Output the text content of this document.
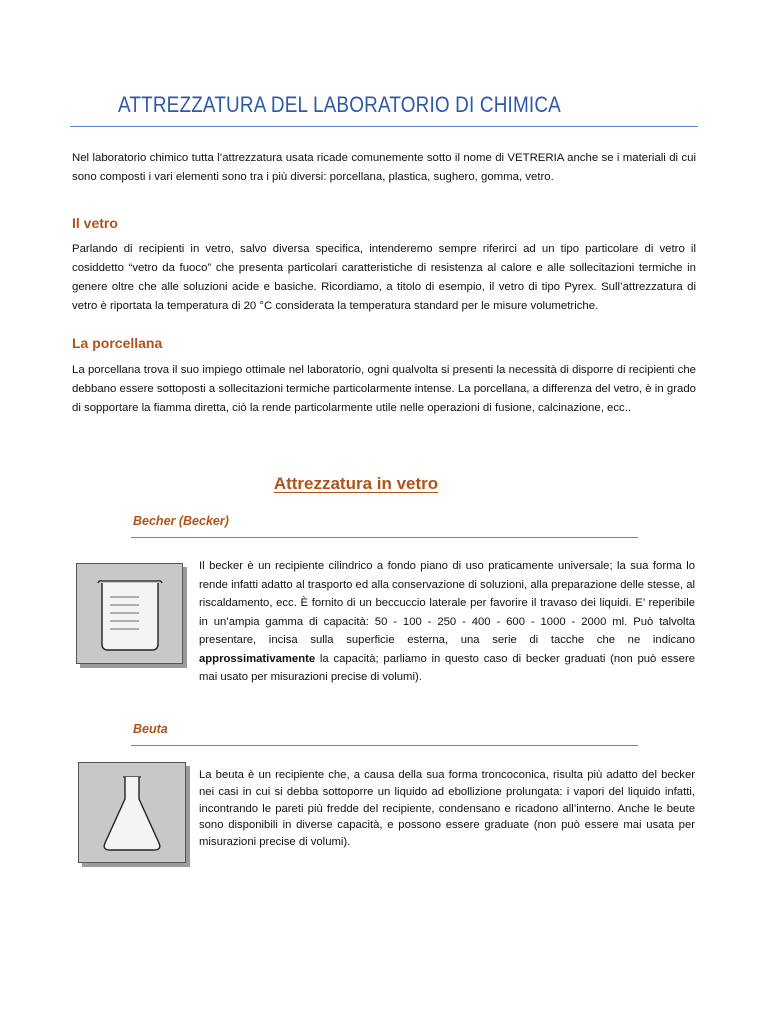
ATTREZZATURA DEL LABORATORIO DI CHIMICA

Nel laboratorio chimico tutta l’attrezzatura usata ricade comunemente sotto il nome di VETRERIA anche se i materiali di cui sono composti i vari elementi sono tra i più diversi: porcellana, plastica, sughero, gomma, vetro.

Il vetro

Parlando di recipienti in vetro, salvo diversa specifica, intenderemo sempre riferirci ad un tipo particolare di vetro il cosiddetto “vetro da fuoco” che presenta particolari caratteristiche di resistenza al calore e alle sollecitazioni termiche in genere oltre che alle soluzioni acide e basiche. Ricordiamo, a titolo di esempio, il vetro di tipo Pyrex. Sull’attrezzatura di vetro è riportata la temperatura di 20 °C considerata la temperatura standard per le misure volumetriche.

La porcellana

La porcellana trova il suo impiego ottimale nel laboratorio, ogni qualvolta si presenti la necessità di disporre di recipienti che debbano essere sottoposti a sollecitazioni termiche particolarmente intense. La porcellana, a differenza del vetro, è in grado di sopportare la fiamma diretta, ciò la rende particolarmente utile nelle operazioni di fusione, calcinazione, ecc..

Attrezzatura in vetro
Becher (Becker)

Il becker è un recipiente cilindrico a fondo piano di uso praticamente universale; la sua forma lo rende infatti adatto al trasporto ed alla conservazione di soluzioni, alla preparazione delle stesse, al riscaldamento, ecc. È fornito di un beccuccio laterale per favorire il travaso dei liquidi. E’ reperibile in un’ampia gamma di capacità: 50 - 100 - 250 - 400 - 600 - 1000 - 2000 ml. Può talvolta presentare, incisa sulla superficie esterna, una serie di tacche che ne indicano approssimativamente la capacità; parliamo in questo caso di becker graduati (non può essere mai usato per misurazioni precise di volumi).

Beuta

La beuta è un recipiente che, a causa della sua forma troncoconica, risulta più adatto del becker nei casi in cui si debba sottoporre un liquido ad ebollizione prolungata: i vapori del liquido infatti, incontrando le pareti più fredde del recipiente, condensano e ricadono all’interno. Anche le beute sono disponibili in diverse capacità, e possono essere graduate (non può essere mai usata per misurazioni precise di volumi).
